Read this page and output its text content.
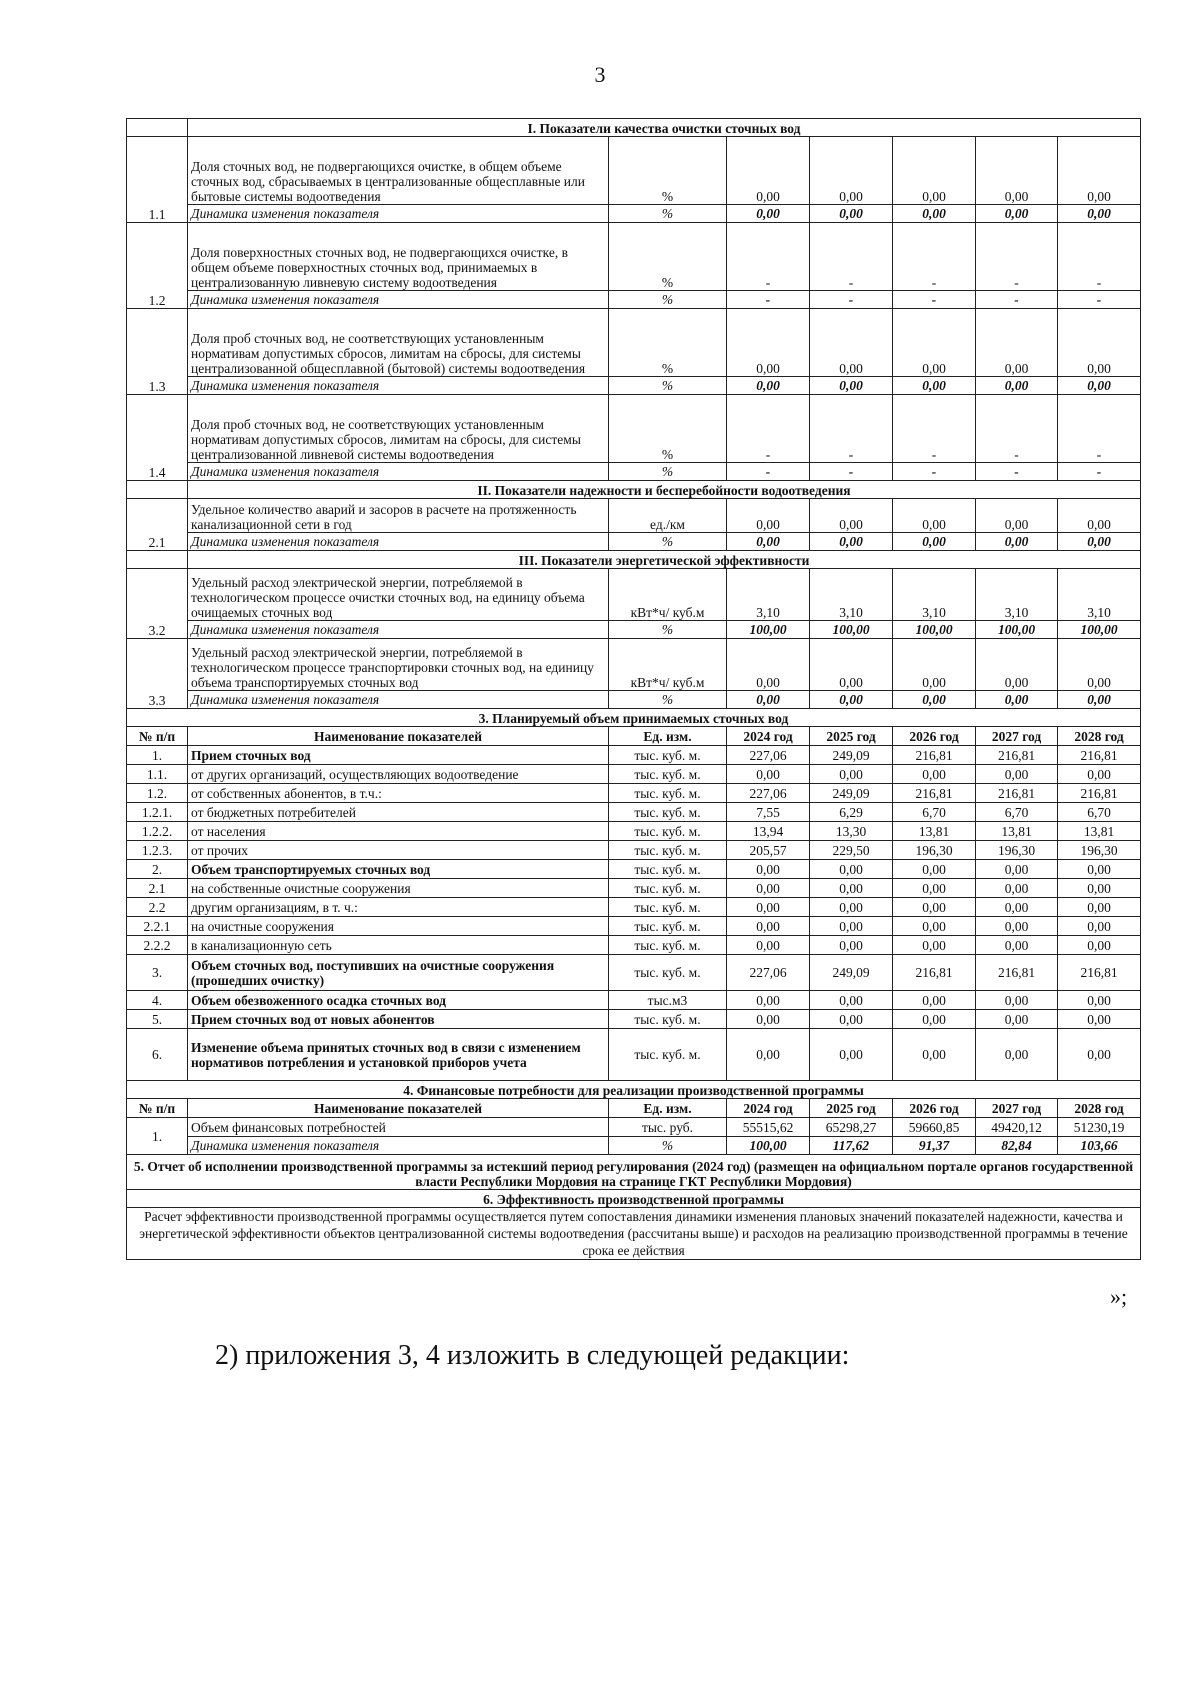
3
	I. Показатели качества очистки сточных вод						
1.1	Доля сточных вод, не подвергающихся очистке, в общем объеме сточных вод, сбрасываемых в централизованные общесплавные или бытовые системы водоотведения	%	0,00	0,00	0,00	0,00	0,00
	Динамика изменения показателя	%	0,00	0,00	0,00	0,00	0,00
1.2	Доля поверхностных сточных вод, не подвергающихся очистке, в общем объеме поверхностных сточных вод, принимаемых в централизованную ливневую систему водоотведения	%	-	-	-	-	-
	Динамика изменения показателя	%	-	-	-	-	-
1.3	Доля проб сточных вод, не соответствующих установленным нормативам допустимых сбросов, лимитам на сбросы, для системы централизованной общесплавной (бытовой) системы водоотведения	%	0,00	0,00	0,00	0,00	0,00
	Динамика изменения показателя	%	0,00	0,00	0,00	0,00	0,00
1.4	Доля проб сточных вод, не соответствующих установленным нормативам допустимых сбросов, лимитам на сбросы, для системы централизованной ливневой системы водоотведения	%	-	-	-	-	-
	Динамика изменения показателя	%	-	-	-	-	-
	II. Показатели надежности и бесперебойности водоотведения						
2.1	Удельное количество аварий и засоров в расчете на протяженность канализационной сети в год	ед./км	0,00	0,00	0,00	0,00	0,00
	Динамика изменения показателя	%	0,00	0,00	0,00	0,00	0,00
	III. Показатели энергетической эффективности						
3.2	Удельный расход электрической энергии, потребляемой в технологическом процессе очистки сточных вод, на единицу объема очищаемых сточных вод	кВт*ч/ куб.м	3,10	3,10	3,10	3,10	3,10
	Динамика изменения показателя	%	100,00	100,00	100,00	100,00	100,00
3.3	Удельный расход электрической энергии, потребляемой в технологическом процессе транспортировки сточных вод, на единицу объема транспортируемых сточных вод	кВт*ч/ куб.м	0,00	0,00	0,00	0,00	0,00
	Динамика изменения показателя	%	0,00	0,00	0,00	0,00	0,00
3. Планируемый объем принимаемых сточных вод							
№ п/п	Наименование показателей	Ед. изм.	2024 год	2025 год	2026 год	2027 год	2028 год
1.	Прием сточных вод	тыс. куб. м.	227,06	249,09	216,81	216,81	216,81
1.1.	от других организаций, осуществляющих водоотведение	тыс. куб. м.	0,00	0,00	0,00	0,00	0,00
1.2.	от собственных абонентов, в т.ч.:	тыс. куб. м.	227,06	249,09	216,81	216,81	216,81
1.2.1.	от бюджетных потребителей	тыс. куб. м.	7,55	6,29	6,70	6,70	6,70
1.2.2.	от населения	тыс. куб. м.	13,94	13,30	13,81	13,81	13,81
1.2.3.	от прочих	тыс. куб. м.	205,57	229,50	196,30	196,30	196,30
2.	Объем транспортируемых сточных вод	тыс. куб. м.	0,00	0,00	0,00	0,00	0,00
2.1	на собственные очистные сооружения	тыс. куб. м.	0,00	0,00	0,00	0,00	0,00
2.2	другим организациям, в т. ч.:	тыс. куб. м.	0,00	0,00	0,00	0,00	0,00
2.2.1	на очистные сооружения	тыс. куб. м.	0,00	0,00	0,00	0,00	0,00
2.2.2	в канализационную сеть	тыс. куб. м.	0,00	0,00	0,00	0,00	0,00
3.	Объем сточных вод, поступивших на очистные сооружения (прошедших очистку)	тыс. куб. м.	227,06	249,09	216,81	216,81	216,81
4.	Объем обезвоженного осадка сточных вод	тыс.м3	0,00	0,00	0,00	0,00	0,00
5.	Прием сточных вод от новых абонентов	тыс. куб. м.	0,00	0,00	0,00	0,00	0,00
6.	Изменение объема принятых сточных вод в связи с изменением нормативов потребления и установкой приборов учета	тыс. куб. м.	0,00	0,00	0,00	0,00	0,00
4. Финансовые потребности для реализации производственной программы							
№ п/п	Наименование показателей	Ед. изм.	2024 год	2025 год	2026 год	2027 год	2028 год
1.	Объем финансовых потребностей	тыс. руб.	55515,62	65298,27	59660,85	49420,12	51230,19
	Динамика изменения показателя	%	100,00	117,62	91,37	82,84	103,66
5. Отчет об исполнении производственной программы за истекший период регулирования (2024 год) (размещен на официальном портале органов государственной власти Республики Мордовия на странице ГКТ Республики Мордовия)							
6. Эффективность производственной программы							
Расчет эффективности производственной программы осуществляется путем сопоставления динамики изменения плановых значений показателей надежности, качества и энергетической эффективности объектов централизованной системы водоотведения (рассчитаны выше) и расходов на реализацию производственной программы в течение срока ее действия							
»;
2) приложения 3, 4 изложить в следующей редакции:
